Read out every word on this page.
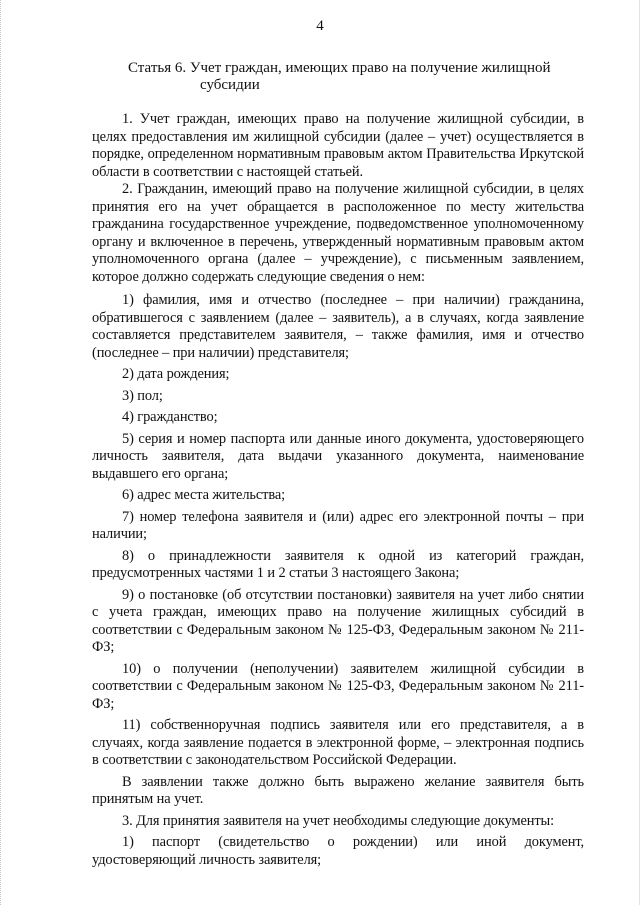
4
Статья 6. Учет граждан, имеющих право на получение жилищной
субсидии

1. Учет граждан, имеющих право на получение жилищной субсидии, в целях предоставления им жилищной субсидии (далее – учет) осуществляется в порядке, определенном нормативным правовым актом Правительства Иркутской области в соответствии с настоящей статьей.

2. Гражданин, имеющий право на получение жилищной субсидии, в целях принятия его на учет обращается в расположенное по месту жительства гражданина государственное учреждение, подведомственное уполномоченному органу и включенное в перечень, утвержденный нормативным правовым актом уполномоченного органа (далее – учреждение), с письменным заявлением, которое должно содержать следующие сведения о нем:

1) фамилия, имя и отчество (последнее – при наличии) гражданина, обратившегося с заявлением (далее – заявитель), а в случаях, когда заявление составляется представителем заявителя, – также фамилия, имя и отчество (последнее – при наличии) представителя;

2) дата рождения;

3) пол;

4) гражданство;

5) серия и номер паспорта или данные иного документа, удостоверяющего личность заявителя, дата выдачи указанного документа, наименование выдавшего его органа;

6) адрес места жительства;

7) номер телефона заявителя и (или) адрес его электронной почты – при наличии;

8) о принадлежности заявителя к одной из категорий граждан, предусмотренных частями 1 и 2 статьи 3 настоящего Закона;

9) о постановке (об отсутствии постановки) заявителя на учет либо снятии с учета граждан, имеющих право на получение жилищных субсидий в соответствии с Федеральным законом № 125-ФЗ, Федеральным законом № 211-ФЗ;

10) о получении (неполучении) заявителем жилищной субсидии в соответствии с Федеральным законом № 125-ФЗ, Федеральным законом № 211-ФЗ;

11) собственноручная подпись заявителя или его представителя, а в случаях, когда заявление подается в электронной форме, – электронная подпись в соответствии с законодательством Российской Федерации.

В заявлении также должно быть выражено желание заявителя быть принятым на учет.

3. Для принятия заявителя на учет необходимы следующие документы:

1) паспорт (свидетельство о рождении) или иной документ, удостоверяющий личность заявителя;
